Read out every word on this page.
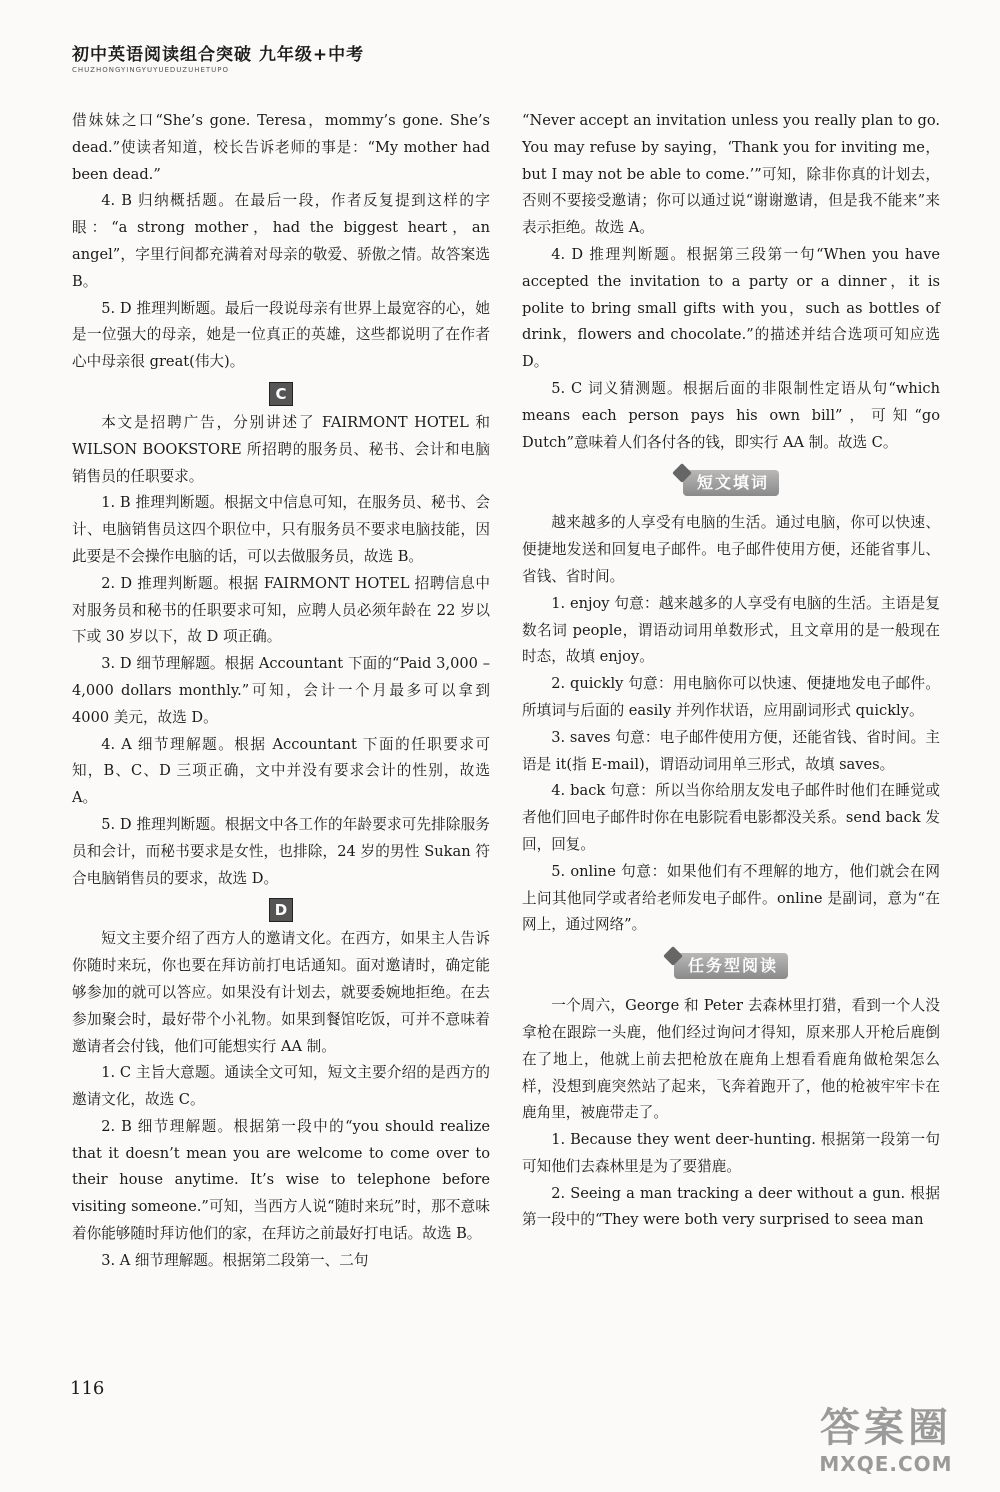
初中英语阅读组合突破 九年级+中考
CHUZHONGYINGYUYUEDUZUHETUPO

借妹妹之口“She’s gone. Teresa，mommy’s gone. She’s dead.”使读者知道，校长告诉老师的事是：“My mother had been dead.”

4. B 归纳概括题。在最后一段，作者反复提到这样的字眼：“a strong mother，had the biggest heart，an angel”，字里行间都充满着对母亲的敬爱、骄傲之情。故答案选 B。

5. D 推理判断题。最后一段说母亲有世界上最宽容的心，她是一位强大的母亲，她是一位真正的英雄，这些都说明了在作者心中母亲很 great(伟大)。

C

本文是招聘广告，分别讲述了 FAIRMONT HOTEL 和 WILSON BOOKSTORE 所招聘的服务员、秘书、会计和电脑销售员的任职要求。

1. B 推理判断题。根据文中信息可知，在服务员、秘书、会计、电脑销售员这四个职位中，只有服务员不要求电脑技能，因此要是不会操作电脑的话，可以去做服务员，故选 B。

2. D 推理判断题。根据 FAIRMONT HOTEL 招聘信息中对服务员和秘书的任职要求可知，应聘人员必须年龄在 22 岁以下或 30 岁以下，故 D 项正确。

3. D 细节理解题。根据 Accountant 下面的“Paid 3,000 – 4,000 dollars monthly.”可知，会计一个月最多可以拿到 4000 美元，故选 D。

4. A 细节理解题。根据 Accountant 下面的任职要求可知，B、C、D 三项正确，文中并没有要求会计的性别，故选 A。

5. D 推理判断题。根据文中各工作的年龄要求可先排除服务员和会计，而秘书要求是女性，也排除，24 岁的男性 Sukan 符合电脑销售员的要求，故选 D。

D

短文主要介绍了西方人的邀请文化。在西方，如果主人告诉你随时来玩，你也要在拜访前打电话通知。面对邀请时，确定能够参加的就可以答应。如果没有计划去，就要委婉地拒绝。在去参加聚会时，最好带个小礼物。如果到餐馆吃饭，可并不意味着邀请者会付钱，他们可能想实行 AA 制。

1. C 主旨大意题。通读全文可知，短文主要介绍的是西方的邀请文化，故选 C。

2. B 细节理解题。根据第一段中的“you should realize that it doesn’t mean you are welcome to come over to their house anytime. It’s wise to telephone before visiting someone.”可知，当西方人说“随时来玩”时，那不意味着你能够随时拜访他们的家，在拜访之前最好打电话。故选 B。

3. A 细节理解题。根据第二段第一、二句

“Never accept an invitation unless you really plan to go. You may refuse by saying，‘Thank you for inviting me，but I may not be able to come.’”可知，除非你真的计划去，否则不要接受邀请；你可以通过说“谢谢邀请，但是我不能来”来表示拒绝。故选 A。

4. D 推理判断题。根据第三段第一句“When you have accepted the invitation to a party or a dinner，it is polite to bring small gifts with you，such as bottles of drink，flowers and chocolate.”的描述并结合选项可知应选 D。

5. C 词义猜测题。根据后面的非限制性定语从句“which means each person pays his own bill”，可知“go Dutch”意味着人们各付各的钱，即实行 AA 制。故选 C。

短文填词

越来越多的人享受有电脑的生活。通过电脑，你可以快速、便捷地发送和回复电子邮件。电子邮件使用方便，还能省事儿、省钱、省时间。

1. enjoy 句意：越来越多的人享受有电脑的生活。主语是复数名词 people，谓语动词用单数形式，且文章用的是一般现在时态，故填 enjoy。

2. quickly 句意：用电脑你可以快速、便捷地发电子邮件。所填词与后面的 easily 并列作状语，应用副词形式 quickly。

3. saves 句意：电子邮件使用方便，还能省钱、省时间。主语是 it(指 E-mail)，谓语动词用单三形式，故填 saves。

4. back 句意：所以当你给朋友发电子邮件时他们在睡觉或者他们回电子邮件时你在电影院看电影都没关系。send back 发回，回复。

5. online 句意：如果他们有不理解的地方，他们就会在网上问其他同学或者给老师发电子邮件。online 是副词，意为“在网上，通过网络”。

任务型阅读

一个周六，George 和 Peter 去森林里打猎，看到一个人没拿枪在跟踪一头鹿，他们经过询问才得知，原来那人开枪后鹿倒在了地上，他就上前去把枪放在鹿角上想看看鹿角做枪架怎么样，没想到鹿突然站了起来，飞奔着跑开了，他的枪被牢牢卡在鹿角里，被鹿带走了。

1. Because they went deer-hunting. 根据第一段第一句可知他们去森林里是为了要猎鹿。

2. Seeing a man tracking a deer without a gun. 根据第一段中的“They were both very surprised to seea man

116
答案圈
MXQE.COM
